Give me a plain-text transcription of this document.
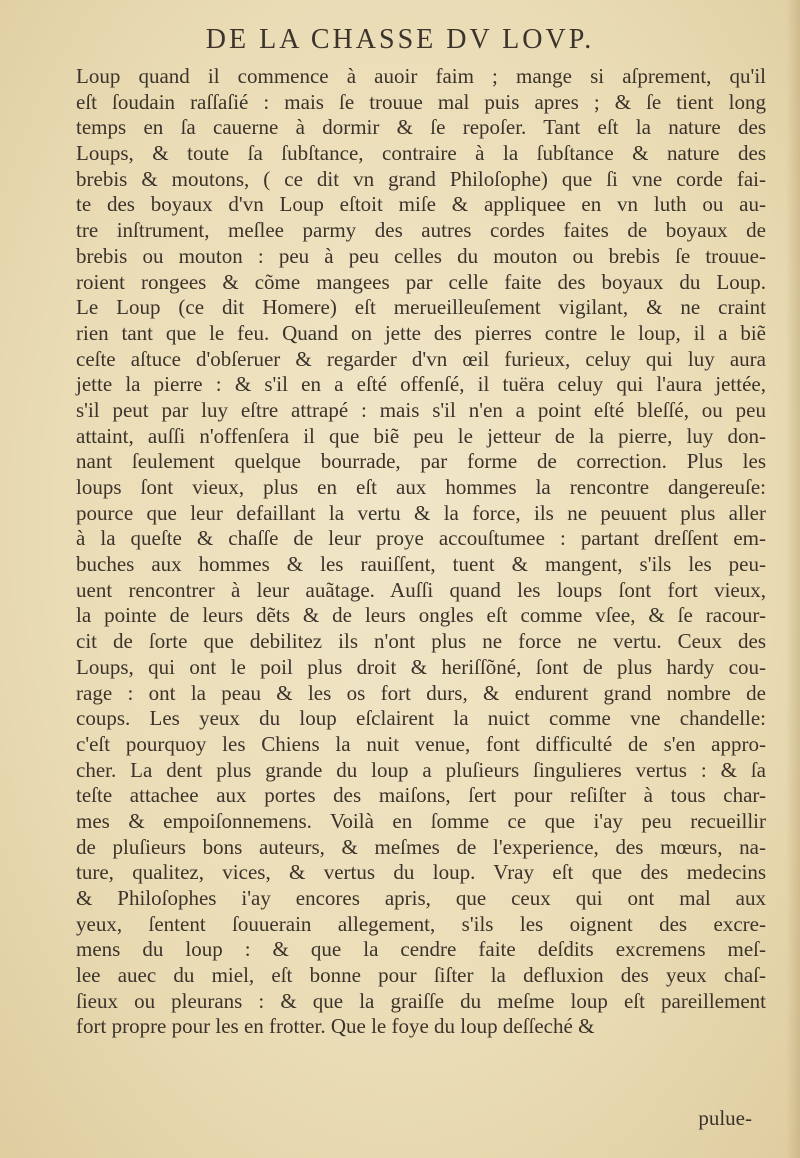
DE LA CHASSE DV LOVP.
Loup quand il commence à auoir faim ; mange si aſprement, qu'il
eſt ſoudain raſſaſié : mais ſe trouue mal puis apres ; & ſe tient long
temps en ſa cauerne à dormir & ſe repoſer. Tant eſt la nature des
Loups, & toute ſa ſubſtance, contraire à la ſubſtance & nature des
brebis & moutons, ( ce dit vn grand Philoſophe) que ſi vne corde fai-
te des boyaux d'vn Loup eſtoit miſe & appliquee en vn luth ou au-
tre inſtrument, meſlee parmy des autres cordes faites de boyaux de
brebis ou mouton : peu à peu celles du mouton ou brebis ſe trouue-
roient rongees & cõme mangees par celle faite des boyaux du Loup.
Le Loup (ce dit Homere) eſt merueilleuſement vigilant, & ne craint
rien tant que le feu. Quand on jette des pierres contre le loup, il a biẽ
ceſte aſtuce d'obſeruer & regarder d'vn œil furieux, celuy qui luy aura
jette la pierre : & s'il en a eſté offenſé, il tuëra celuy qui l'aura jettée,
s'il peut par luy eſtre attrapé : mais s'il n'en a point eſté bleſſé, ou peu
attaint, auſſi n'offenſera il que biẽ peu le jetteur de la pierre, luy don-
nant ſeulement quelque bourrade, par forme de correction. Plus les
loups ſont vieux, plus en eſt aux hommes la rencontre dangereuſe:
pource que leur defaillant la vertu & la force, ils ne peuuent plus aller
à la queſte & chaſſe de leur proye accouſtumee : partant dreſſent em-
buches aux hommes & les rauiſſent, tuent & mangent, s'ils les peu-
uent rencontrer à leur auãtage. Auſſi quand les loups ſont fort vieux,
la pointe de leurs dẽts & de leurs ongles eſt comme vſee, & ſe racour-
cit de ſorte que debilitez ils n'ont plus ne force ne vertu. Ceux des
Loups, qui ont le poil plus droit & heriſſõné, ſont de plus hardy cou-
rage : ont la peau & les os fort durs, & endurent grand nombre de
coups. Les yeux du loup eſclairent la nuict comme vne chandelle:
c'eſt pourquoy les Chiens la nuit venue, font difficulté de s'en appro-
cher. La dent plus grande du loup a pluſieurs ſingulieres vertus : & ſa
teſte attachee aux portes des maiſons, ſert pour reſiſter à tous char-
mes & empoiſonnemens. Voilà en ſomme ce que i'ay peu recueillir
de pluſieurs bons auteurs, & meſmes de l'experience, des mœurs, na-
ture, qualitez, vices, & vertus du loup. Vray eſt que des medecins
& Philoſophes i'ay encores apris, que ceux qui ont mal aux
yeux, ſentent ſouuerain allegement, s'ils les oignent des excre-
mens du loup : & que la cendre faite deſdits excremens meſ-
lee auec du miel, eſt bonne pour ſiſter la defluxion des yeux chaſ-
ſieux ou pleurans : & que la graiſſe du meſme loup eſt pareillement
fort propre pour les en frotter. Que le foye du loup deſſeché &
pulue-
